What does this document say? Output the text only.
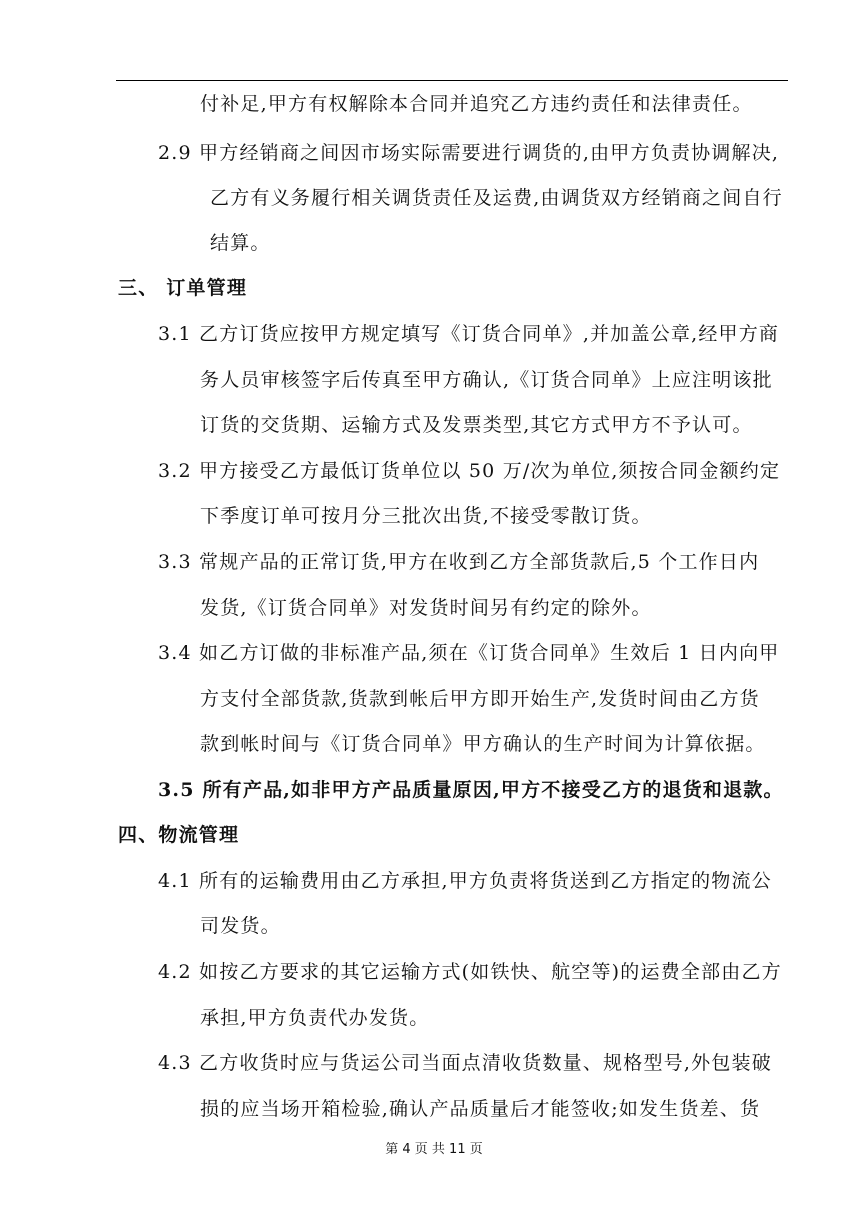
付补足,甲方有权解除本合同并追究乙方违约责任和法律责任。
2.9 甲方经销商之间因市场实际需要进行调货的,由甲方负责协调解决,
乙方有义务履行相关调货责任及运费,由调货双方经销商之间自行
结算。
三、 订单管理
3.1 乙方订货应按甲方规定填写《订货合同单》,并加盖公章,经甲方商
务人员审核签字后传真至甲方确认,《订货合同单》上应注明该批
订货的交货期、运输方式及发票类型,其它方式甲方不予认可。
3.2 甲方接受乙方最低订货单位以 50 万/次为单位,须按合同金额约定
下季度订单可按月分三批次出货,不接受零散订货。
3.3 常规产品的正常订货,甲方在收到乙方全部货款后,5 个工作日内
发货,《订货合同单》对发货时间另有约定的除外。
3.4 如乙方订做的非标准产品,须在《订货合同单》生效后 1 日内向甲
方支付全部货款,货款到帐后甲方即开始生产,发货时间由乙方货
款到帐时间与《订货合同单》甲方确认的生产时间为计算依据。
3.5 所有产品,如非甲方产品质量原因,甲方不接受乙方的退货和退款。
四、物流管理
4.1 所有的运输费用由乙方承担,甲方负责将货送到乙方指定的物流公
司发货。
4.2 如按乙方要求的其它运输方式(如铁快、航空等)的运费全部由乙方
承担,甲方负责代办发货。
4.3 乙方收货时应与货运公司当面点清收货数量、规格型号,外包装破
损的应当场开箱检验,确认产品质量后才能签收;如发生货差、货
第 4 页 共 11 页
